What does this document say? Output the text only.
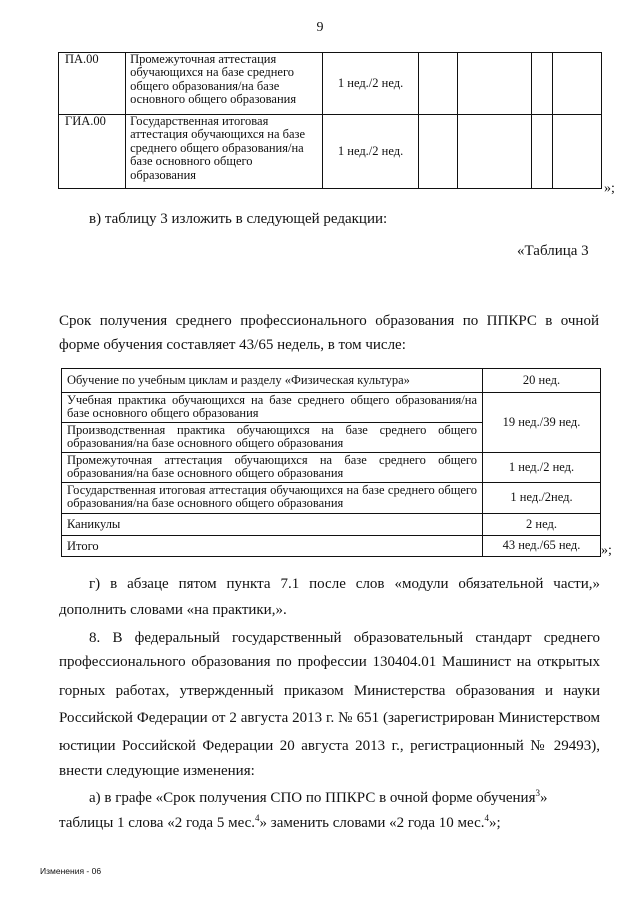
9
ПА.00	Промежуточная аттестация
обучающихся на базе среднего
общего образования/на базе
основного общего образования	1 нед./2 нед.				
ГИА.00	Государственная итоговая
аттестация обучающихся на базе
среднего общего образования/на
базе основного общего
образования	1 нед./2 нед.				
»;
в) таблицу 3 изложить в следующей редакции:
«Таблица 3
Срок получения среднего профессионального образования по ППКРС в очной
форме обучения составляет 43/65 недель, в том числе:
Обучение по учебным циклам и разделу «Физическая культура»	20 нед.
Учебная практика обучающихся на базе среднего общего образования/на базе основного общего образования	19 нед./39 нед.
Производственная практика обучающихся на базе среднего общего образования/на базе основного общего образования	
Промежуточная аттестация обучающихся на базе среднего общего образования/на базе основного общего образования	1 нед./2 нед.
Государственная итоговая аттестация обучающихся на базе среднего общего образования/на базе основного общего образования	1 нед./2нед.
Каникулы	2 нед.
Итого	43 нед./65 нед. »;
г) в абзаце пятом пункта 7.1 после слов «модули обязательной части,»
дополнить словами «на практики,».
8. В федеральный государственный образовательный стандарт среднего
профессионального образования по профессии 130404.01 Машинист на открытых
горных работах, утвержденный приказом Министерства образования и науки
Российской Федерации от 2 августа 2013 г. № 651 (зарегистрирован Министерством
юстиции Российской Федерации 20 августа 2013 г., регистрационный № 29493),
внести следующие изменения:
а) в графе «Срок получения СПО по ППКРС в очной форме обучения$^3$»
таблицы 1 слова «2 года 5 мес.$^4$» заменить словами «2 года 10 мес.$^4$»;
Изменения - 06
